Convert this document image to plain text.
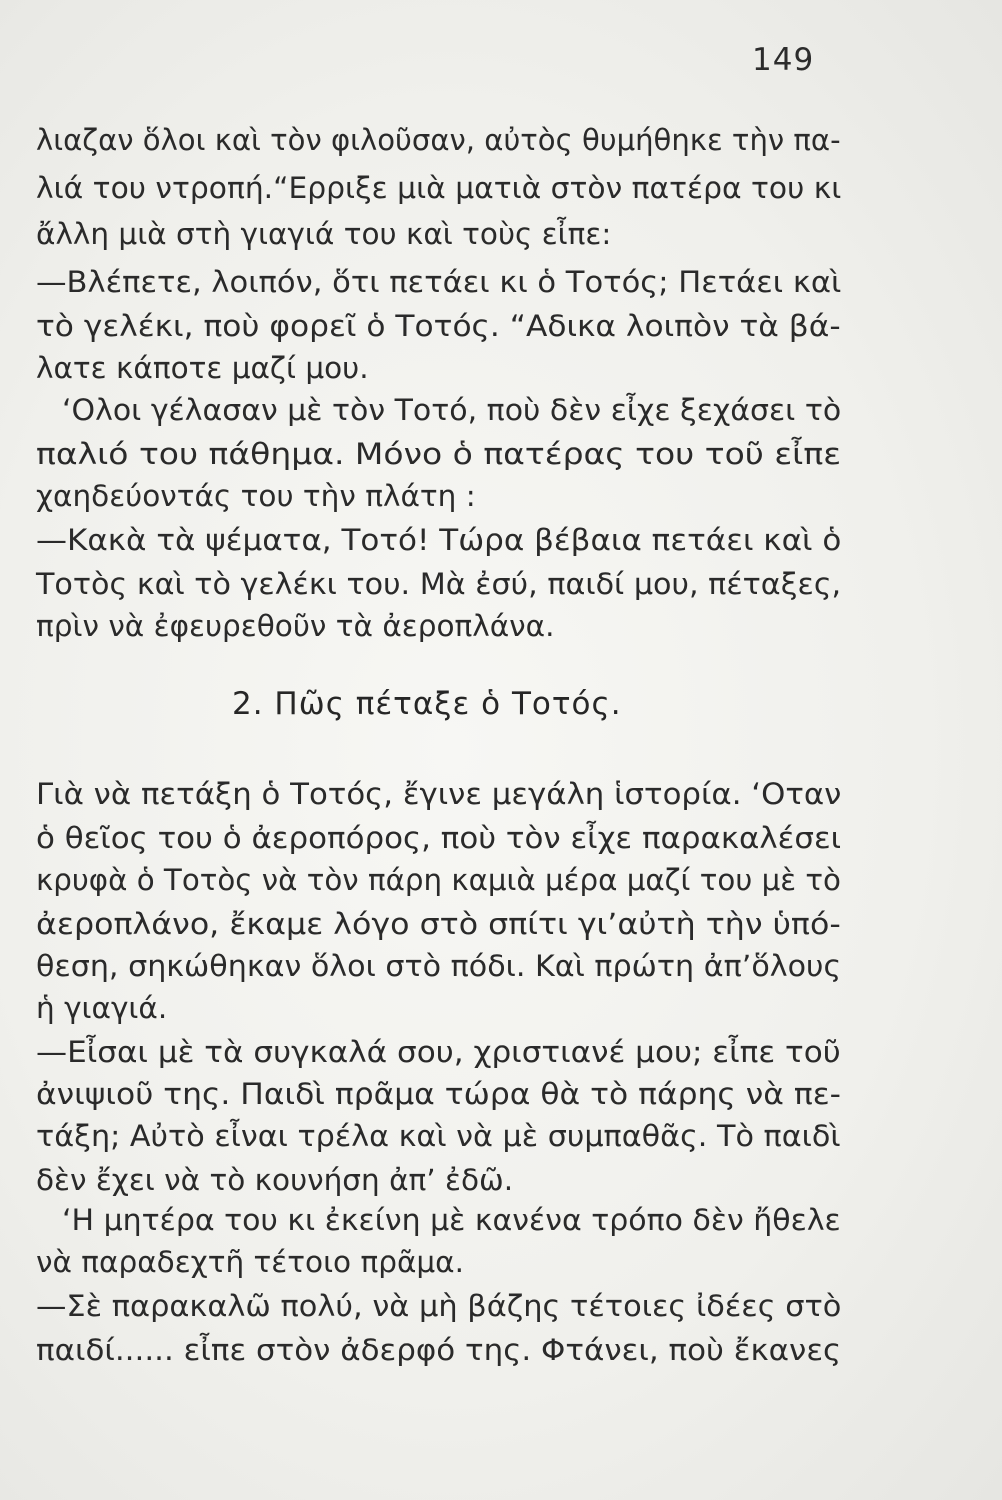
149
λιαζαν ὅλοι καὶ τὸν φιλοῦσαν, αὐτὸς θυμήθηκε τὴν πα-
λιά του ντροπή.“Ερριξε μιὰ ματιὰ στὸν πατέρα του κι
ἄλλη μιὰ στὴ γιαγιά του καὶ τοὺς εἶπε:
—Βλέπετε, λοιπόν, ὅτι πετάει κι ὁ Τοτός; Πετάει καὶ
τὸ γελέκι, ποὺ φορεῖ ὁ Τοτός. “Αδικα λοιπὸν τὰ βά-
λατε κάποτε μαζί μου.
‘Ολοι γέλασαν μὲ τὸν Τοτό, ποὺ δὲν εἶχε ξεχάσει τὸ
παλιό του πάθημα. Μόνο ὁ πατέρας του τοῦ εἶπε
χαηδεύοντάς του τὴν πλάτη :
—Κακὰ τὰ ψέματα, Τοτό! Τώρα βέβαια πετάει καὶ ὁ
Τοτὸς καὶ τὸ γελέκι του. Μὰ ἐσύ, παιδί μου, πέταξες,
πρὶν νὰ ἐφευρεθοῦν τὰ ἀεροπλάνα.
2. Πῶς πέταξε ὁ Τοτός.
Γιὰ νὰ πετάξη ὁ Τοτός, ἔγινε μεγάλη ἱστορία. ‘Οταν
ὁ θεῖος του ὁ ἀεροπόρος, ποὺ τὸν εἶχε παρακαλέσει
κρυφὰ ὁ Τοτὸς νὰ τὸν πάρη καμιὰ μέρα μαζί του μὲ τὸ
ἀεροπλάνο, ἔκαμε λόγο στὸ σπίτι γι’αὐτὴ τὴν ὑπό-
θεση, σηκώθηκαν ὅλοι στὸ πόδι. Καὶ πρώτη ἀπ’ὅλους
ἡ γιαγιά.
—Εἶσαι μὲ τὰ συγκαλά σου, χριστιανέ μου; εἶπε τοῦ
ἀνιψιοῦ της. Παιδὶ πρᾶμα τώρα θὰ τὸ πάρης νὰ πε-
τάξη; Αὐτὸ εἶναι τρέλα καὶ νὰ μὲ συμπαθᾶς. Τὸ παιδὶ
δὲν ἔχει νὰ τὸ κουνήση ἀπ’ ἐδῶ.
‘Η μητέρα του κι ἐκείνη μὲ κανένα τρόπο δὲν ἤθελε
νὰ παραδεχτῆ τέτοιο πρᾶμα.
—Σὲ παρακαλῶ πολύ, νὰ μὴ βάζης τέτοιες ἰδέες στὸ
παιδί...... εἶπε στὸν ἀδερφό της. Φτάνει, ποὺ ἔκανες
